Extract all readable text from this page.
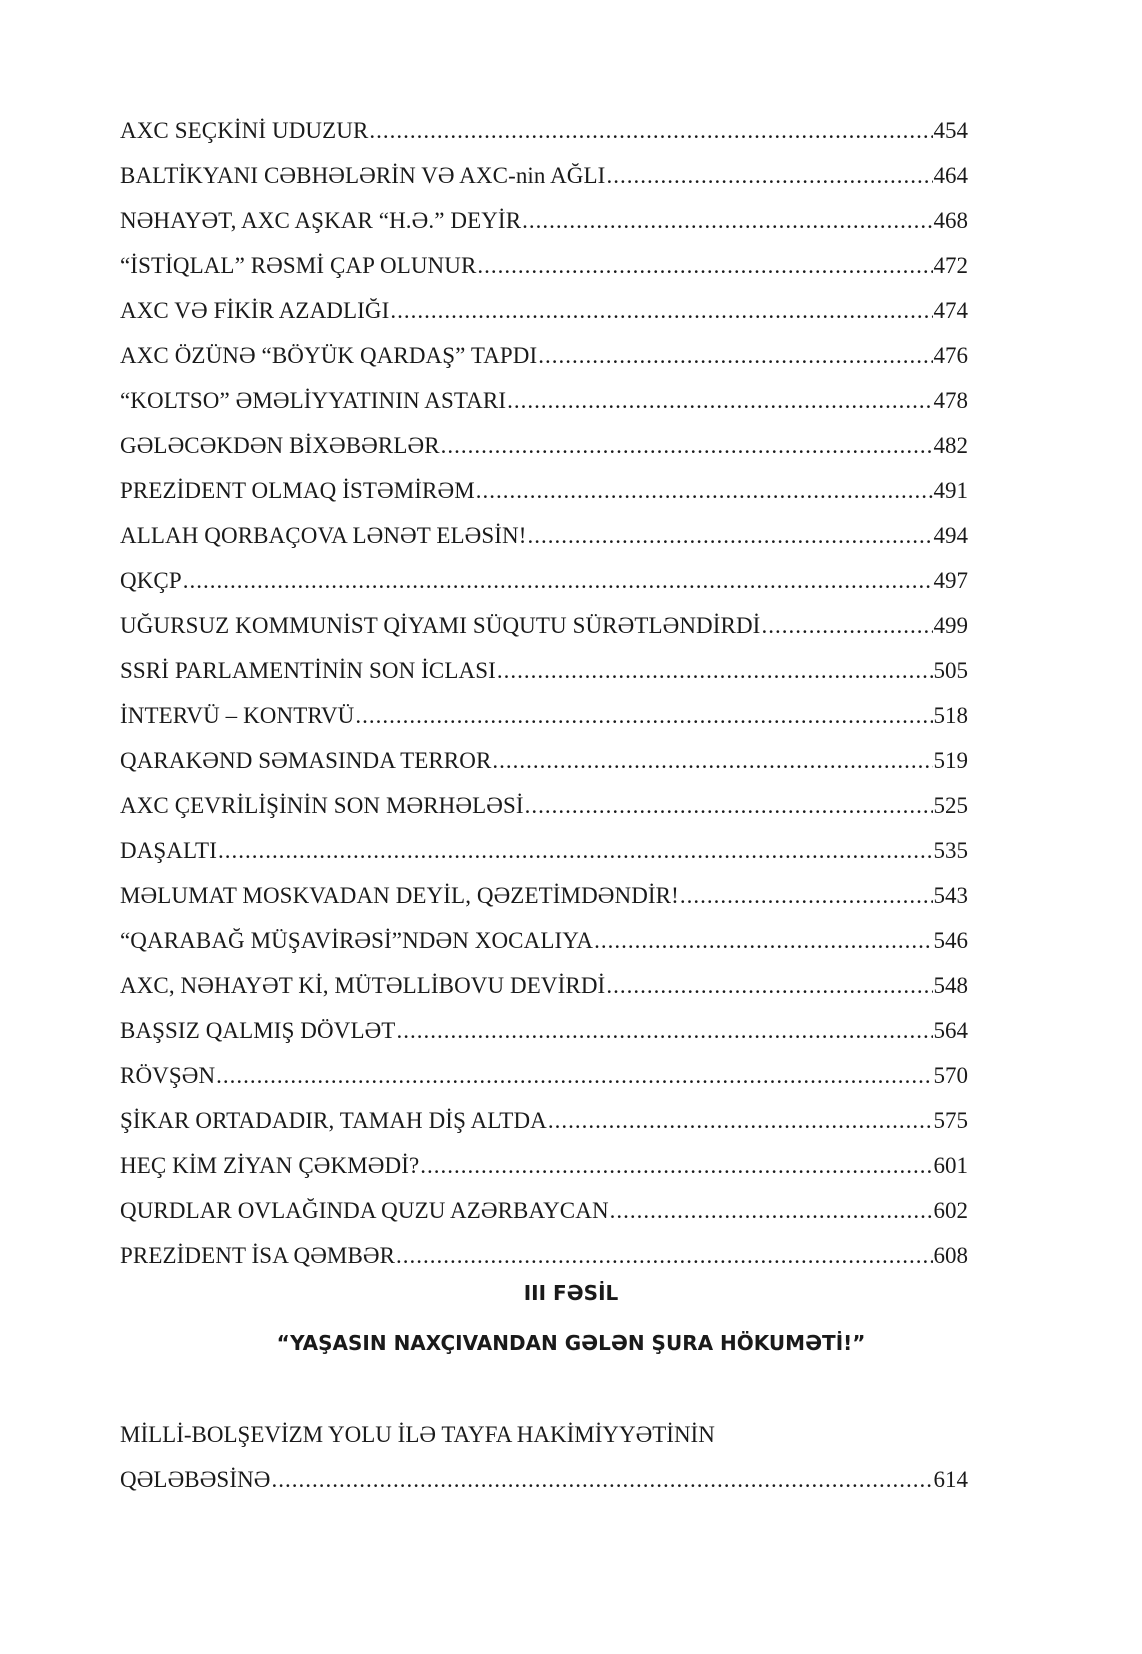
AXC SEÇKİNİ UDUZUR .....	454
BALTİKYANI CƏBHƏLƏRİN VƏ AXC-nin AĞLI .....	464
NƏHAYƏT, AXC AŞKAR “H.Ə.” DEYİR .....	468
“İSTİQLAL” RƏSMİ ÇAP OLUNUR .....	472
AXC VƏ FİKİR AZADLIĞI .....	474
AXC ÖZÜNƏ “BÖYÜK QARDAŞ” TAPDI .....	476
“KOLTSO” ƏMƏLİYYATININ ASTARI .....	478
GƏLƏCƏKDƏN BİXƏBƏRLƏR .....	482
PREZİDENT OLMAQ İSTƏMİRƏM .....	491
ALLAH QORBAÇOVA LƏNƏT ELƏSİN! .....	494
QKÇP .....	497
UĞURSUZ KOMMUNİST QİYAMI SÜQUTU SÜRƏTLƏNDİRDİ .....	499
SSRİ PARLAMENTİNİN SON İCLASI .....	505
İNTERVÜ – KONTRVÜ .....	518
QARAKƏND SƏMASINDA TERROR .....	519
AXC ÇEVRİLİŞİNİN SON MƏRHƏLƏSİ .....	525
DAŞALTI .....	535
MƏLUMAT MOSKVADAN DEYİL, QƏZETİMDƏNDİR! .....	543
“QARABAĞ MÜŞAVİRƏSİ”NDƏN XOCALIYA .....	546
AXC, NƏHAYƏT Kİ, MÜTƏLLİBOVU DEVİRDİ .....	548
BAŞSIZ QALMIŞ DÖVLƏT .....	564
RÖVŞƏN .....	570
ŞİKAR ORTADADIR, TAMAH DİŞ ALTDA .....	575
HEÇ KİM ZİYAN ÇƏKMƏDİ? .....	601
QURDLAR OVLAĞINDA QUZU AZƏRBAYCAN .....	602
PREZİDENT İSA QƏMBƏR .....	608
III FƏSİL
“YAŞASIN NAXÇIVANDAN GƏLƏN ŞURA HÖKUMƏTİ!”
MİLLİ-BOLŞEVİZM YOLU İLƏ TAYFA HAKİMİYYƏTİNİN
QƏLƏBƏSİNƏ .....	614
